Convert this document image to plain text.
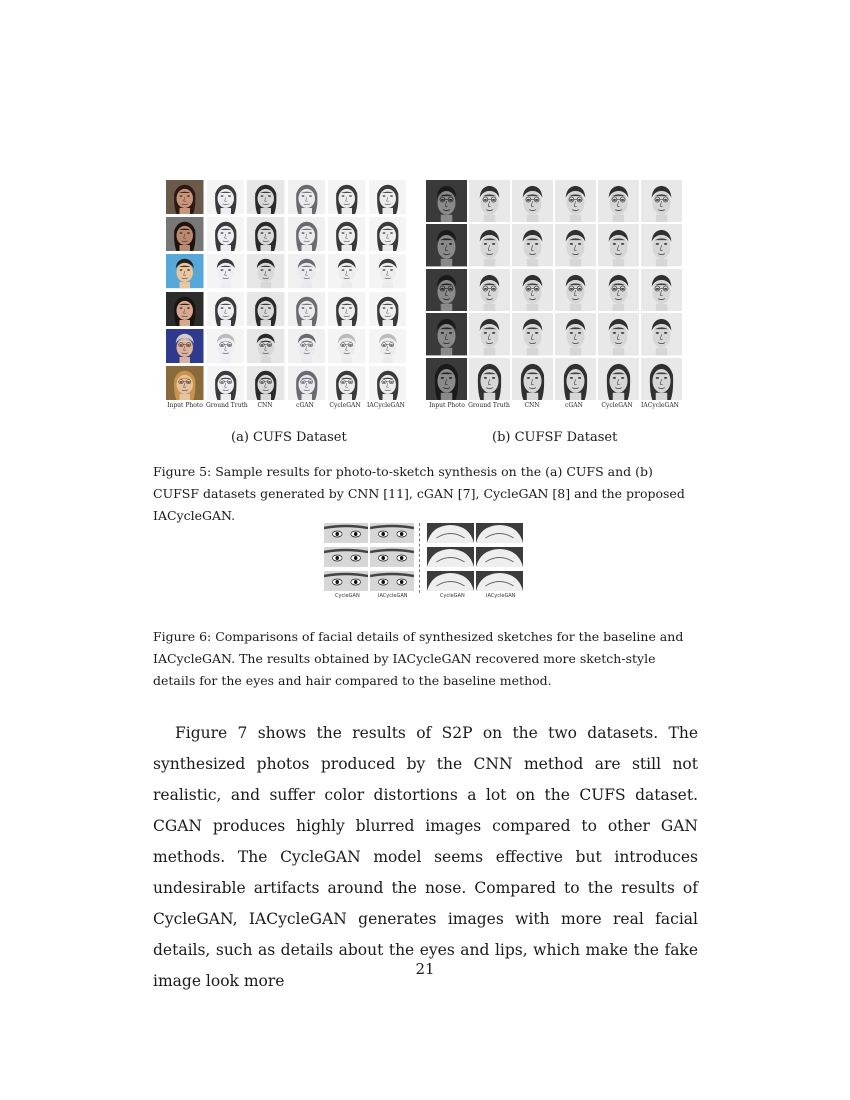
Input Photo Ground Truth	CNN	cGAN	CycleGAN	IACycleGAN	Input Photo Ground Truth	CNN	cGAN	CycleGAN	IACycleGAN
(a) CUFS Dataset	(b) CUFSF Dataset
Figure 5: Sample results for photo-to-sketch synthesis on the (a) CUFS and (b) CUFSF datasets generated by CNN [11], cGAN [7], CycleGAN [8] and the proposed IACycleGAN.
CycleGAN	IACycleGAN	CycleGAN	IACycleGAN
Figure 6: Comparisons of facial details of synthesized sketches for the baseline and IACycleGAN. The results obtained by IACycleGAN recovered more sketch-style details for the eyes and hair compared to the baseline method.

Figure 7 shows the results of S2P on the two datasets. The synthesized photos produced by the CNN method are still not realistic, and suffer color distortions a lot on the CUFS dataset. CGAN produces highly blurred images compared to other GAN methods. The CycleGAN model seems effective but introduces undesirable artifacts around the nose. Compared to the results of CycleGAN, IACycleGAN generates images with more real facial details, such as details about the eyes and lips, which make the fake image look more

21
